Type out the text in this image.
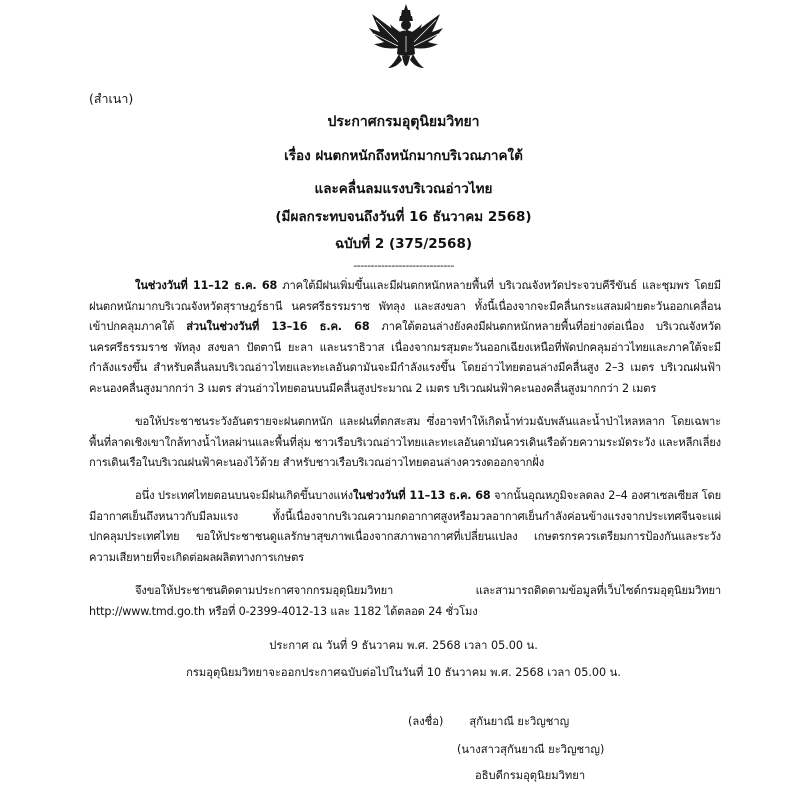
(สำเนา)
ประกาศกรมอุตุนิยมวิทยา
เรื่อง ฝนตกหนักถึงหนักมากบริเวณภาคใต้
และคลื่นลมแรงบริเวณอ่าวไทย
(มีผลกระทบจนถึงวันที่ 16 ธันวาคม 2568)
ฉบับที่ 2 (375/2568)
-----------------------------
ในช่วงวันที่ 11–12 ธ.ค. 68 ภาคใต้มีฝนเพิ่มขึ้นและมีฝนตกหนักหลายพื้นที่ บริเวณจังหวัดประจวบคีรีขันธ์ และชุมพร โดยมีฝนตกหนักมากบริเวณจังหวัดสุราษฎร์ธานี นครศรีธรรมราช พัทลุง และสงขลา ทั้งนี้เนื่องจากจะมีคลื่นกระแสลมฝ่ายตะวันออกเคลื่อนเข้าปกคลุมภาคใต้ ส่วนในช่วงวันที่ 13–16 ธ.ค. 68 ภาคใต้ตอนล่างยังคงมีฝนตกหนักหลายพื้นที่อย่างต่อเนื่อง บริเวณจังหวัดนครศรีธรรมราช พัทลุง สงขลา ปัตตานี ยะลา และนราธิวาส เนื่องจากมรสุมตะวันออกเฉียงเหนือที่พัดปกคลุมอ่าวไทยและภาคใต้จะมีกำลังแรงขึ้น สำหรับคลื่นลมบริเวณอ่าวไทยและทะเลอันดามันจะมีกำลังแรงขึ้น โดยอ่าวไทยตอนล่างมีคลื่นสูง 2–3 เมตร บริเวณฝนฟ้าคะนองคลื่นสูงมากกว่า 3 เมตร ส่วนอ่าวไทยตอนบนมีคลื่นสูงประมาณ 2 เมตร บริเวณฝนฟ้าคะนองคลื่นสูงมากกว่า 2 เมตร
ขอให้ประชาชนระวังอันตรายจะฝนตกหนัก และฝนที่ตกสะสม ซึ่งอาจทำให้เกิดน้ำท่วมฉับพลันและน้ำป่าไหลหลาก โดยเฉพาะพื้นที่ลาดเชิงเขาใกล้ทางน้ำไหลผ่านและพื้นที่ลุ่ม ชาวเรือบริเวณอ่าวไทยและทะเลอันดามันควรเดินเรือด้วยความระมัดระวัง และหลีกเลี่ยงการเดินเรือในบริเวณฝนฟ้าคะนองไว้ด้วย สำหรับชาวเรือบริเวณอ่าวไทยตอนล่างควรงดออกจากฝั่ง
อนึ่ง ประเทศไทยตอนบนจะมีฝนเกิดขึ้นบางแห่งในช่วงวันที่ 11–13 ธ.ค. 68 จากนั้นอุณหภูมิจะลดลง 2–4 องศาเซลเซียส โดยมีอากาศเย็นถึงหนาวกับมีลมแรง ทั้งนี้เนื่องจากบริเวณความกดอากาศสูงหรือมวลอากาศเย็นกำลังค่อนข้างแรงจากประเทศจีนจะแผ่ปกคลุมประเทศไทย ขอให้ประชาชนดูแลรักษาสุขภาพเนื่องจากสภาพอากาศที่เปลี่ยนแปลง เกษตรกรควรเตรียมการป้องกันและระวังความเสียหายที่จะเกิดต่อผลผลิตทางการเกษตร
จึงขอให้ประชาชนติดตามประกาศจากกรมอุตุนิยมวิทยา และสามารถติดตามข้อมูลที่เว็บไซต์กรมอุตุนิยมวิทยา http://www.tmd.go.th หรือที่ 0-2399-4012-13 และ 1182 ได้ตลอด 24 ชั่วโมง
ประกาศ ณ วันที่ 9 ธันวาคม พ.ศ. 2568 เวลา 05.00 น.
กรมอุตุนิยมวิทยาจะออกประกาศฉบับต่อไปในวันที่ 10 ธันวาคม พ.ศ. 2568 เวลา 05.00 น.
(ลงชื่อ) สุกันยาณี ยะวิญชาญ
(นางสาวสุกันยาณี ยะวิญชาญ)
อธิบดีกรมอุตุนิยมวิทยา
